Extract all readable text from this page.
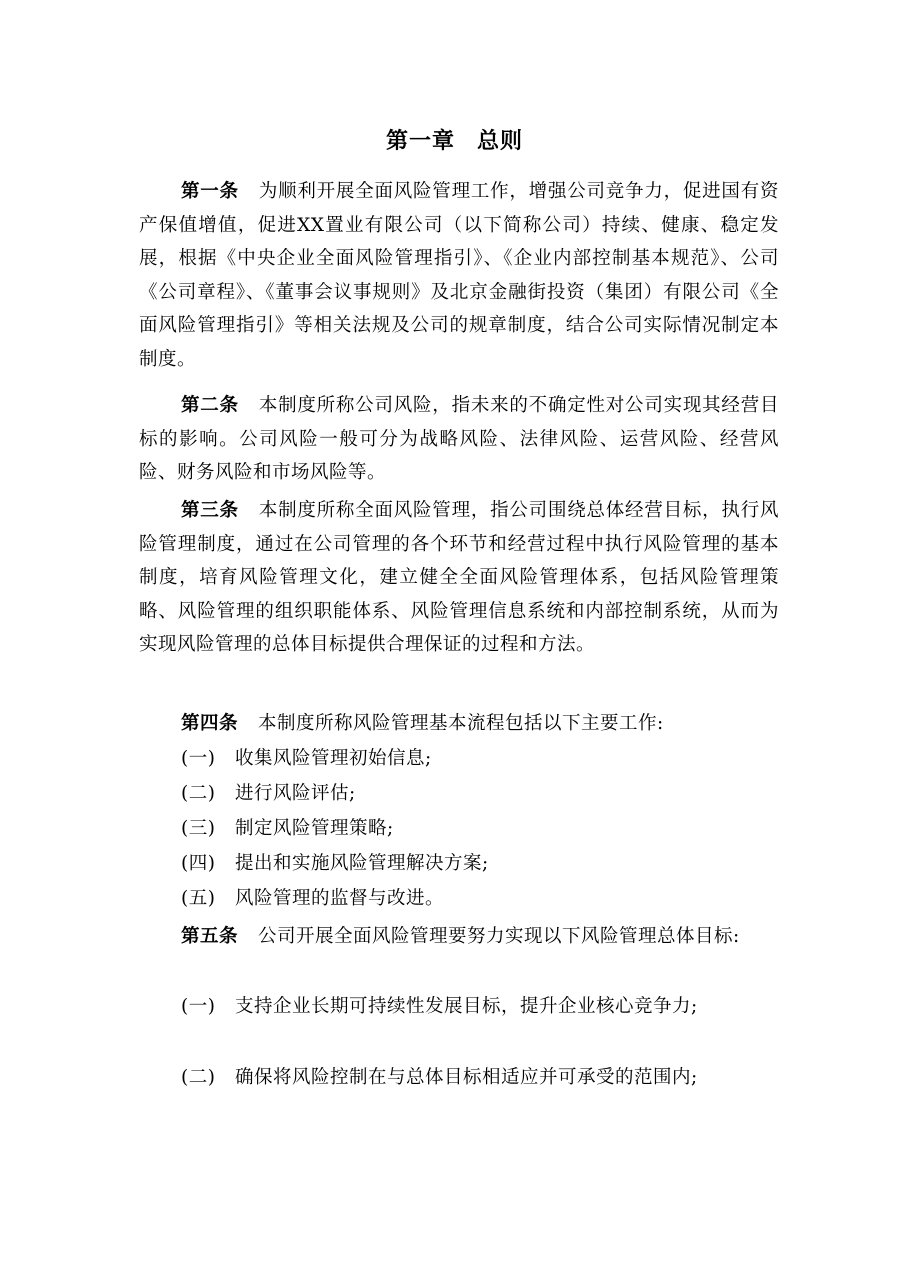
第一章 总则

第一条 为顺利开展全面风险管理工作，增强公司竞争力，促进国有资产保值增值，促进XX置业有限公司（以下简称公司）持续、健康、稳定发展，根据《中央企业全面风险管理指引》、《企业内部控制基本规范》、公司《公司章程》、《董事会议事规则》及北京金融街投资（集团）有限公司《全面风险管理指引》等相关法规及公司的规章制度，结合公司实际情况制定本制度。

第二条 本制度所称公司风险，指未来的不确定性对公司实现其经营目标的影响。公司风险一般可分为战略风险、法律风险、运营风险、经营风险、财务风险和市场风险等。

第三条 本制度所称全面风险管理，指公司围绕总体经营目标，执行风险管理制度，通过在公司管理的各个环节和经营过程中执行风险管理的基本制度，培育风险管理文化，建立健全全面风险管理体系，包括风险管理策略、风险管理的组织职能体系、风险管理信息系统和内部控制系统，从而为实现风险管理的总体目标提供合理保证的过程和方法。

第四条 本制度所称风险管理基本流程包括以下主要工作:

(一) 收集风险管理初始信息;

(二) 进行风险评估;

(三) 制定风险管理策略;

(四) 提出和实施风险管理解决方案;

(五) 风险管理的监督与改进。

第五条 公司开展全面风险管理要努力实现以下风险管理总体目标:

(一) 支持企业长期可持续性发展目标，提升企业核心竞争力;

(二) 确保将风险控制在与总体目标相适应并可承受的范围内;
